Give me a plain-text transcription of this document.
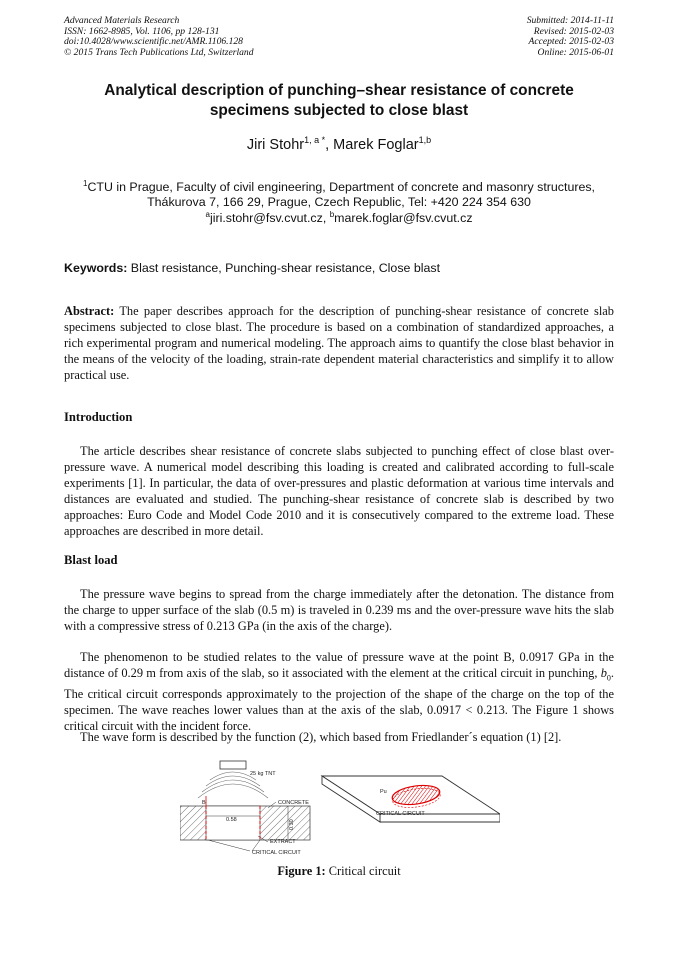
Advanced Materials Research
ISSN: 1662-8985, Vol. 1106, pp 128-131
doi:10.4028/www.scientific.net/AMR.1106.128
© 2015 Trans Tech Publications Ltd, Switzerland
Submitted: 2014-11-11
Revised: 2015-02-03
Accepted: 2015-02-03
Online: 2015-06-01
Analytical description of punching–shear resistance of concrete specimens subjected to close blast
Jiri Stohr$^{1, a *}$, Marek Foglar$^{1,b}$
$^1$CTU in Prague, Faculty of civil engineering, Department of concrete and masonry structures, Thákurova 7, 166 29, Prague, Czech Republic, Tel: +420 224 354 630
$^a$jiri.stohr@fsv.cvut.cz, $^b$marek.foglar@fsv.cvut.cz
Keywords: Blast resistance, Punching-shear resistance, Close blast
Abstract: The paper describes approach for the description of punching-shear resistance of concrete slab specimens subjected to close blast. The procedure is based on a combination of standardized approaches, a rich experimental program and numerical modeling. The approach aims to quantify the close blast behavior in the means of the velocity of the loading, strain-rate dependent material characteristics and simplify it to allow practical use.
Introduction
The article describes shear resistance of concrete slabs subjected to punching effect of close blast over-pressure wave. A numerical model describing this loading is created and calibrated according to full-scale experiments [1]. In particular, the data of over-pressures and plastic deformation at various time intervals and distances are evaluated and studied. The punching-shear resistance of concrete slab is described by two approaches: Euro Code and Model Code 2010 and it is consecutively compared to the extreme load. These approaches are described in more detail.
Blast load
The pressure wave begins to spread from the charge immediately after the detonation. The distance from the charge to upper surface of the slab (0.5 m) is traveled in 0.239 ms and the over-pressure wave hits the slab with a compressive stress of 0.213 GPa (in the axis of the charge).
The phenomenon to be studied relates to the value of pressure wave at the point B, 0.0917 GPa in the distance of 0.29 m from axis of the slab, so it associated with the element at the critical circuit in punching, $b_0$. The critical circuit corresponds approximately to the projection of the shape of the charge on the top of the specimen. The wave reaches lower values than at the axis of the slab, 0.0917 < 0.213. The Figure 1 shows critical circuit with the incident force.
The wave form is described by the function (2), which based from Friedlander´s equation (1) [2].
25 kg TNT
B
0.58	0.30
CONCRETE
EXTRACT
CRITICAL CIRCUIT
Pu
CRITICAL CIRCUIT
Figure 1: Critical circuit
